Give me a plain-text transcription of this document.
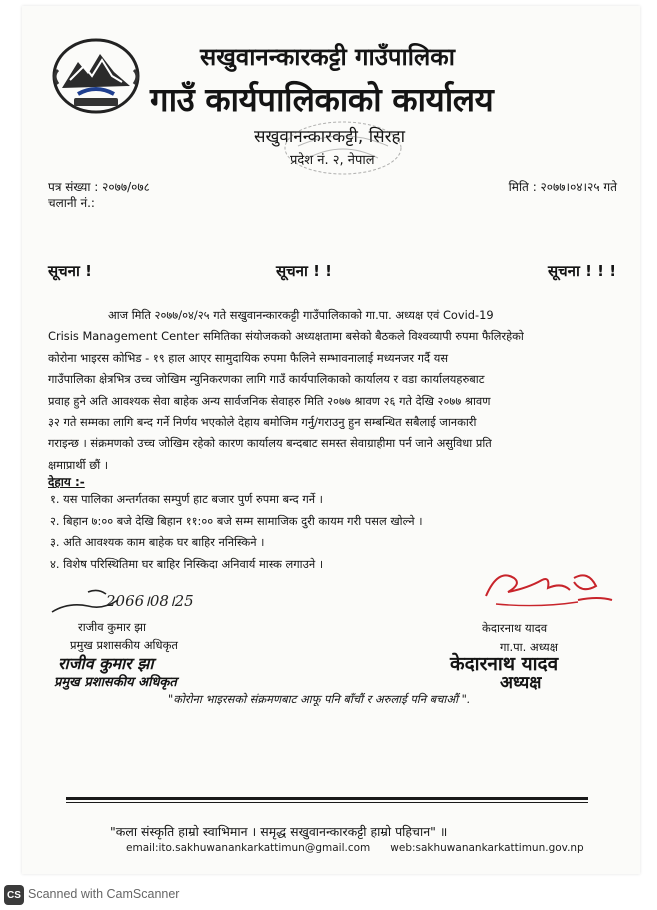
सखुवानन्कारकट्टी गाउँपालिका
गाउँ कार्यपालिकाको कार्यालय
सखुवानन्कारकट्टी, सिरहा
प्रदेश नं. २, नेपाल
पत्र संख्या : २०७७/०७८
चलानी नं.:
मिति : २०७७।०४।२५ गते
सूचना !	सूचना ! !	सूचना ! ! !

आज मिति २०७७/०४/२५ गते सखुवानन्कारकट्टी गाउँपालिकाको गा.पा. अध्यक्ष एवं Covid-19
Crisis Management Center समितिका संयोजकको अध्यक्षतामा बसेको बैठकले विश्वव्यापी रुपमा फैलिरहेको
कोरोना भाइरस कोभिड - १९ हाल आएर सामुदायिक रुपमा फैलिने सम्भावनालाई मध्यनजर गर्दै यस
गाउँपालिका क्षेत्रभित्र उच्च जोखिम न्युनिकरणका लागि गाउँ कार्यपालिकाको कार्यालय र वडा कार्यालयहरुबाट
प्रवाह हुने अति आवश्यक सेवा बाहेक अन्य सार्वजनिक सेवाहरु मिति २०७७ श्रावण २६ गते देखि २०७७ श्रावण
३२ गते सम्मका लागि बन्द गर्ने निर्णय भएकोले देहाय बमोजिम गर्नु/गराउनु हुन सम्बन्धित सबैलाई जानकारी
गराइन्छ । संक्रमणको उच्च जोखिम रहेको कारण कार्यालय बन्दबाट समस्त सेवाग्राहीमा पर्न जाने असुविधा प्रति
क्षमाप्रार्थी छौं ।

देहाय :-
१. यस पालिका अन्तर्गतका सम्पुर्ण हाट बजार पुर्ण रुपमा बन्द गर्ने ।
२. बिहान ७:०० बजे देखि बिहान ११:०० बजे सम्म सामाजिक दुरी कायम गरी पसल खोल्ने ।
३. अति आवश्यक काम बाहेक घर बाहिर ननिस्किने ।
४. विशेष परिस्थितिमा घर बाहिर निस्किदा अनिवार्य मास्क लगाउने ।
2066।08।25
राजीव कुमार झा
प्रमुख प्रशासकीय अधिकृत
राजीव कुमार झा
प्रमुख प्रशासकीय अधिकृत
केदारनाथ यादव
गा.पा. अध्यक्ष
केदारनाथ यादव
अध्यक्ष
"कोरोना भाइरसको संक्रमणबाट आफू पनि बाँचौं र अरुलाई पनि बचाऔं ".
"कला संस्कृति हाम्रो स्वाभिमान । समृद्ध सखुवानन्कारकट्टी हाम्रो पहिचान" ॥
email:ito.sakhuwanankarkattimun@gmail.com web:sakhuwanankarkattimun.gov.np
CS Scanned with CamScanner
